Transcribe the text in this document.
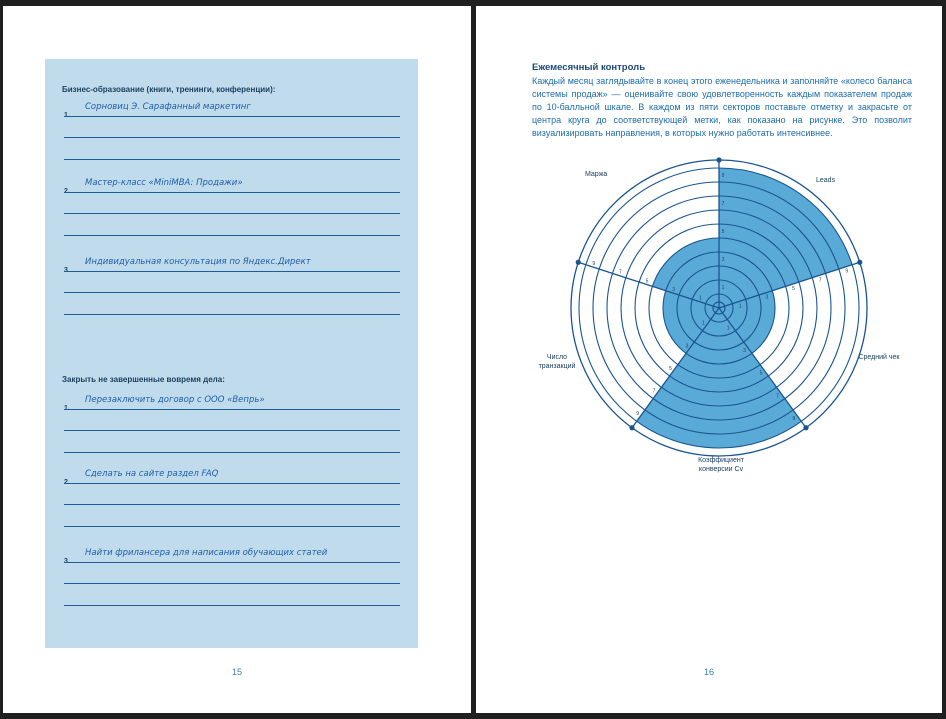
Бизнес-образование (книги, тренинги, конференции):
Сорновиц Э. Сарафанный маркетинг
Мастер-класс «MiniMBA: Продажи»
Индивидуальная консультация по Яндекс.Директ
Закрыть не завершенные вовремя дела:
Перезаключить договор с ООО «Вепрь»
Сделать на сайте раздел FAQ
Найти фрилансера для написания обучающих статей
15
Ежемесячный контроль
Каждый месяц заглядывайте в конец этого еженедельника и заполняйте «колесо баланса системы продаж» — оценивайте свою удовлетворенность каждым показателем продаж по 10-балльной шкале. В каждом из пяти секторов поставьте отметку и закрасьте от центра круга до соответствующей метки, как показано на рисунке. Это позволит визуализировать направления, в которых нужно работать интенсивнее.
1
3
5
7
9
1
3
5
7
9
1
3
5
7
9
1
3
5
7
9
1
3
5
7
9
Маржа
Leads
Средний чек
Коэффициент конверсии Cv
Число транзакций
16
